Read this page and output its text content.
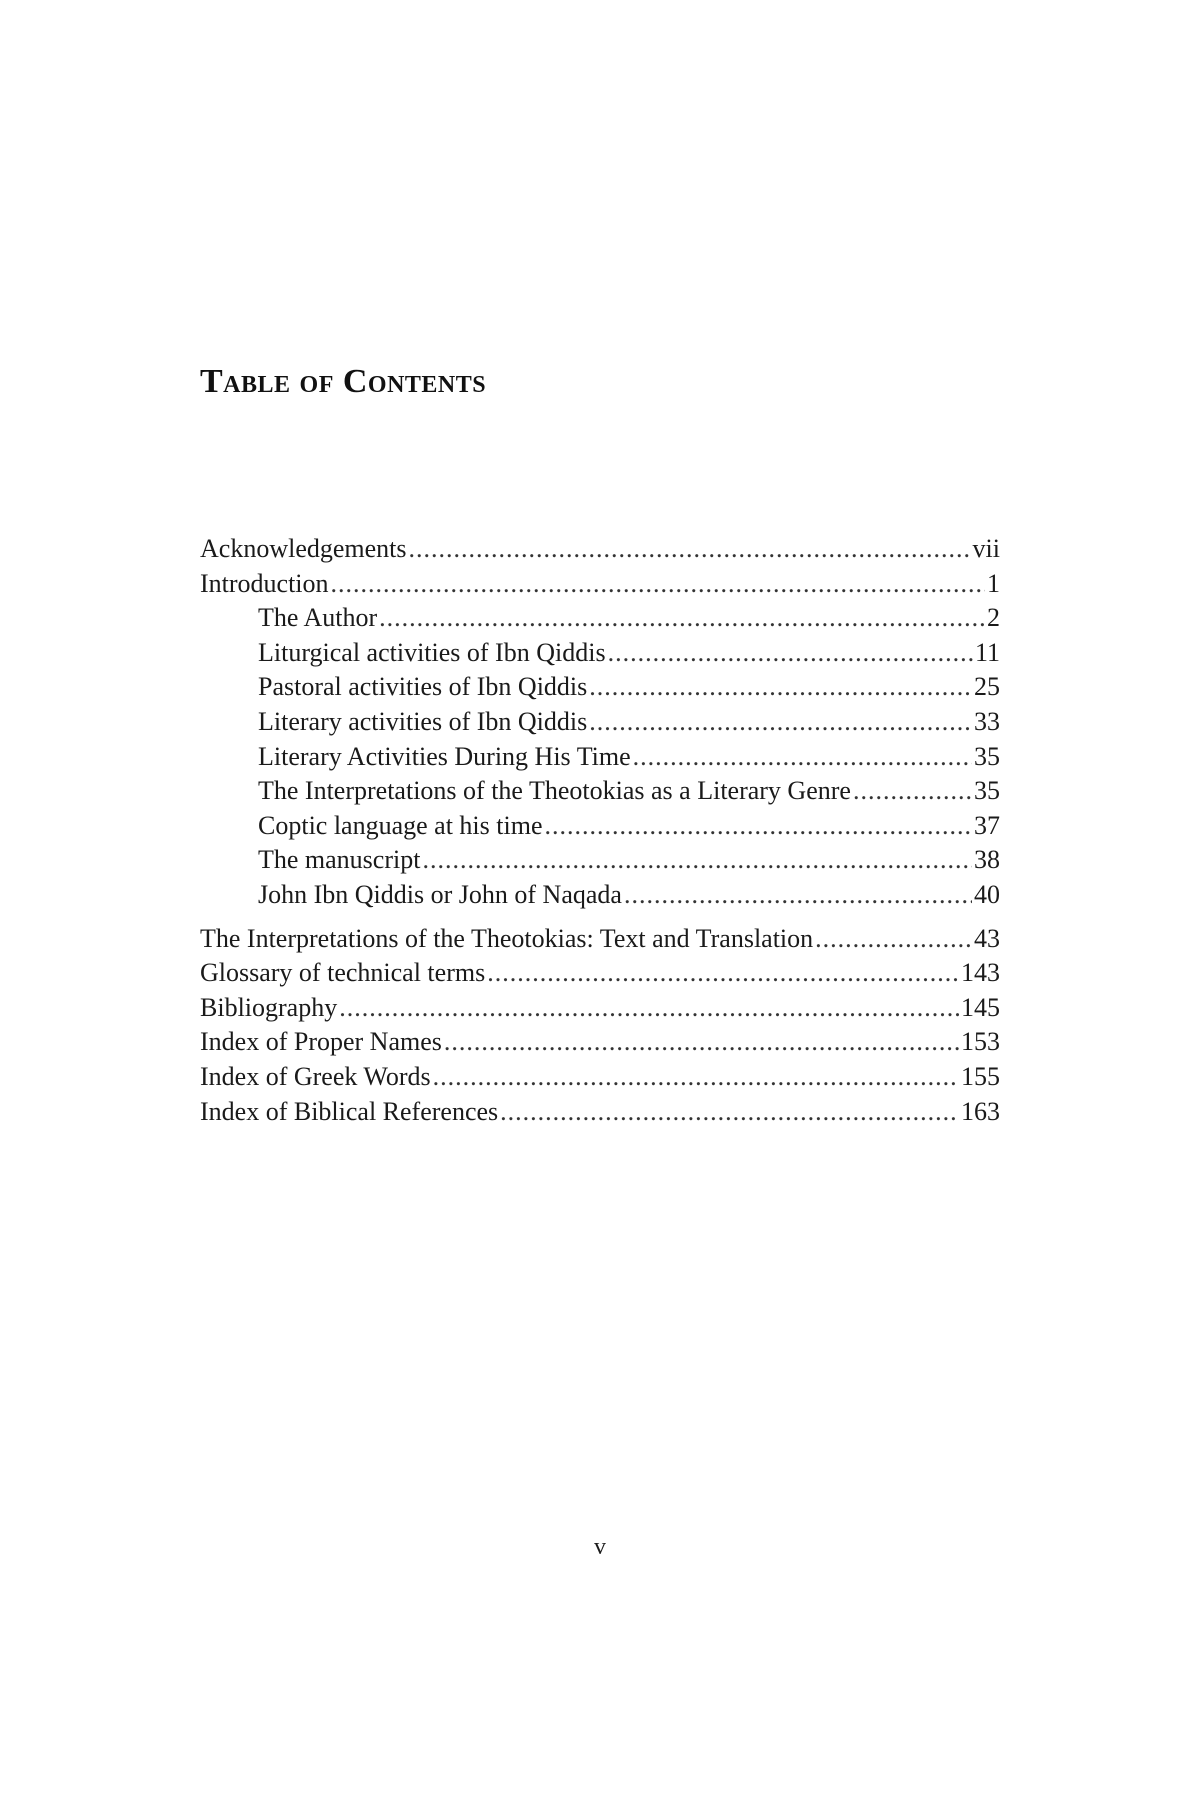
Table of Contents
Acknowledgements .....	vii
Introduction .....	1
The Author .....	2
Liturgical activities of Ibn Qiddis .....	11
Pastoral activities of Ibn Qiddis .....	25
Literary activities of Ibn Qiddis .....	33
Literary Activities During His Time .....	35
The Interpretations of the Theotokias as a Literary Genre .....	35
Coptic language at his time .....	37
The manuscript .....	38
John Ibn Qiddis or John of Naqada .....	40
The Interpretations of the Theotokias: Text and Translation .....	43
Glossary of technical terms .....	143
Bibliography .....	145
Index of Proper Names .....	153
Index of Greek Words .....	155
Index of Biblical References .....	163
v
